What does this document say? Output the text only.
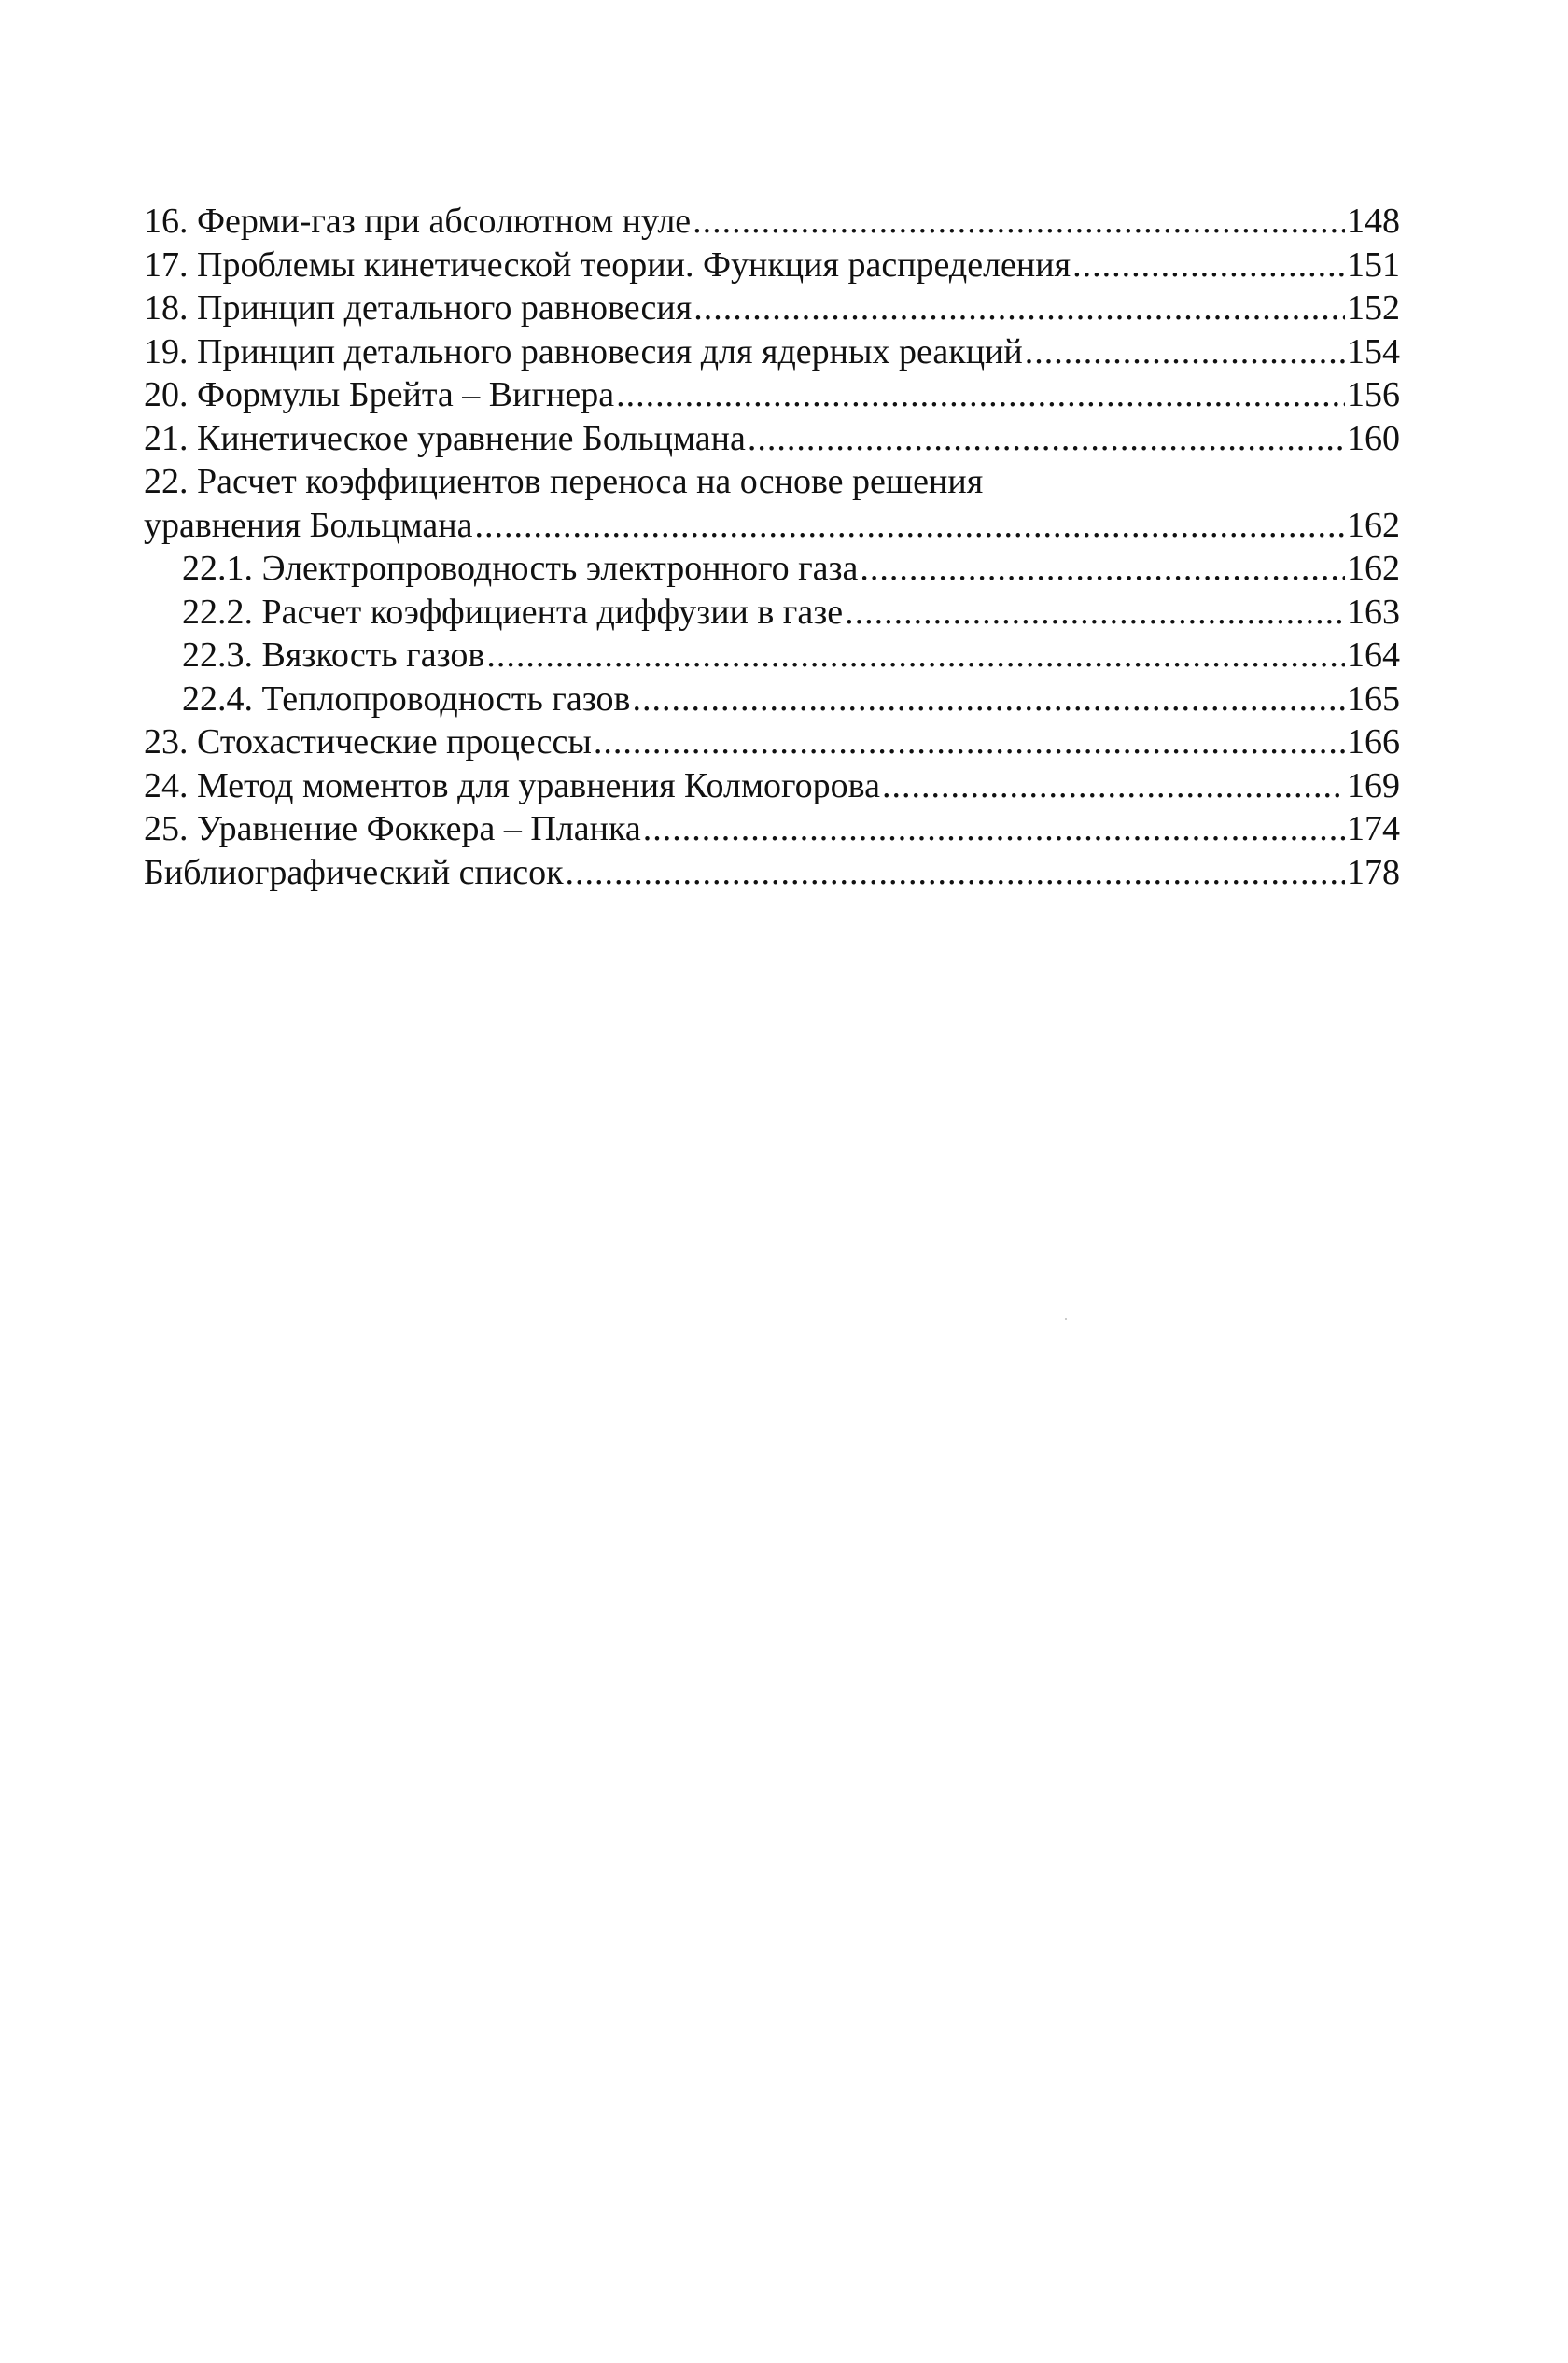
16. Ферми-газ при абсолютном нуле .....	148
17. Проблемы кинетической теории. Функция распределения .....	151
18. Принцип детального равновесия .....	152
19. Принцип детального равновесия для ядерных реакций .....	154
20. Формулы Брейта – Вигнера .....	156
21. Кинетическое уравнение Больцмана .....	160
22. Расчет коэффициентов переноса на основе решения
уравнения Больцмана .....	162
22.1. Электропроводность электронного газа .....	162
22.2. Расчет коэффициента диффузии в газе .....	163
22.3. Вязкость газов .....	164
22.4. Теплопроводность газов .....	165
23. Стохастические процессы .....	166
24. Метод моментов для уравнения Колмогорова .....	169
25. Уравнение Фоккера – Планка .....	174
Библиографический список .....	178
